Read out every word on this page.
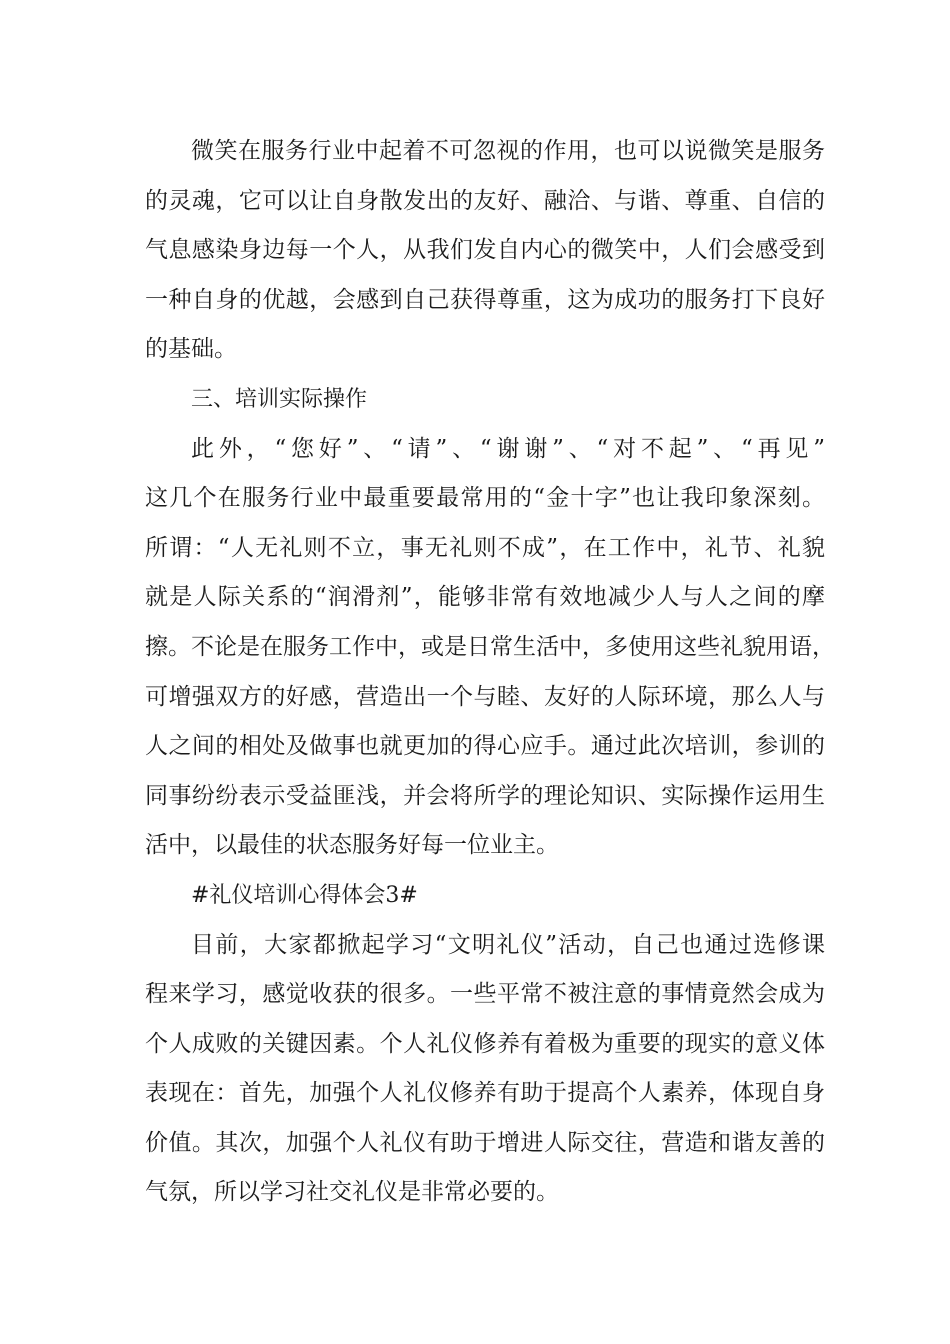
微笑在服务行业中起着不可忽视的作用，也可以说微笑是服务

的灵魂，它可以让自身散发出的友好、融洽、与谐、尊重、自信的

气息感染身边每一个人，从我们发自内心的微笑中，人们会感受到

一种自身的优越，会感到自己获得尊重，这为成功的服务打下良好

的基础。

三、培训实际操作

此外，“您好”、“请”、“谢谢”、“对不起”、“再见”

这几个在服务行业中最重要最常用的“金十字”也让我印象深刻。

所谓：“人无礼则不立，事无礼则不成”，在工作中，礼节、礼貌

就是人际关系的“润滑剂”，能够非常有效地减少人与人之间的摩

擦。不论是在服务工作中，或是日常生活中，多使用这些礼貌用语，

可增强双方的好感，营造出一个与睦、友好的人际环境，那么人与

人之间的相处及做事也就更加的得心应手。通过此次培训，参训的

同事纷纷表示受益匪浅，并会将所学的理论知识、实际操作运用生

活中，以最佳的状态服务好每一位业主。

#礼仪培训心得体会3#

目前，大家都掀起学习“文明礼仪”活动，自己也通过选修课

程来学习，感觉收获的很多。一些平常不被注意的事情竟然会成为

个人成败的关键因素。个人礼仪修养有着极为重要的现实的意义体

表现在：首先，加强个人礼仪修养有助于提高个人素养，体现自身

价值。其次，加强个人礼仪有助于增进人际交往，营造和谐友善的

气氛，所以学习社交礼仪是非常必要的。
